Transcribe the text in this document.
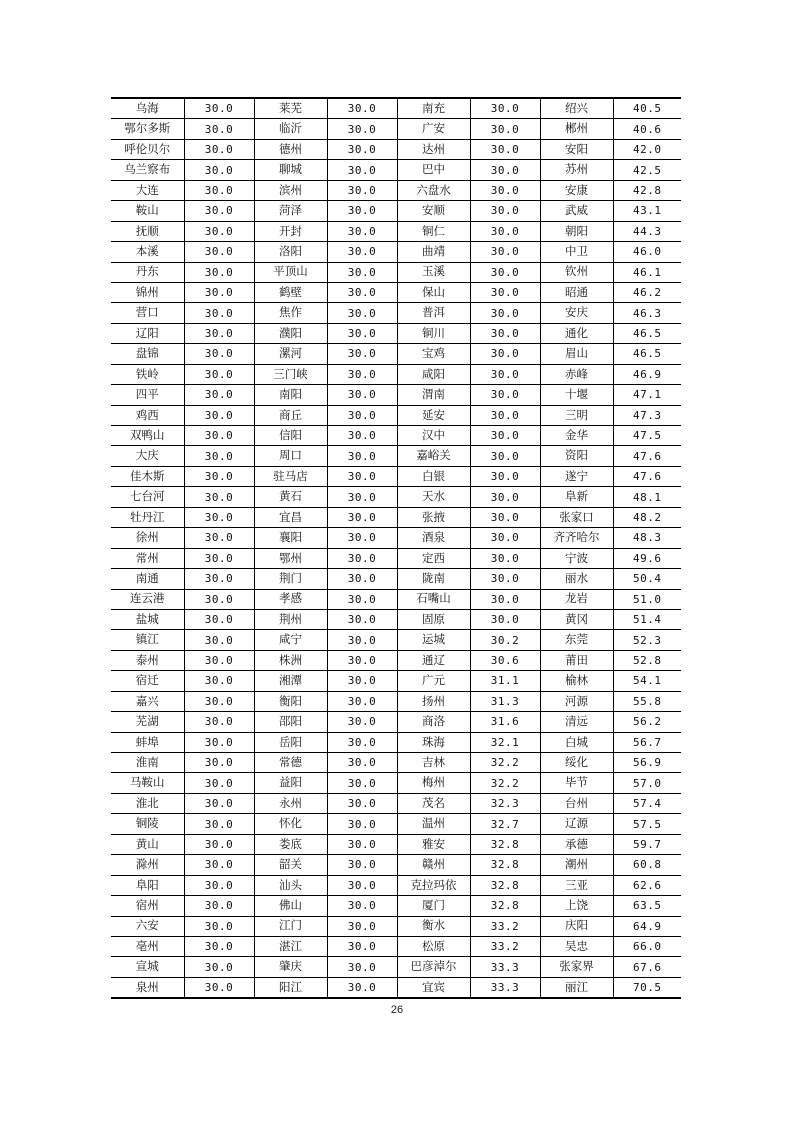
乌海	30.0	莱芜	30.0	南充	30.0	绍兴	40.5
鄂尔多斯	30.0	临沂	30.0	广安	30.0	郴州	40.6
呼伦贝尔	30.0	德州	30.0	达州	30.0	安阳	42.0
乌兰察布	30.0	聊城	30.0	巴中	30.0	苏州	42.5
大连	30.0	滨州	30.0	六盘水	30.0	安康	42.8
鞍山	30.0	菏泽	30.0	安顺	30.0	武威	43.1
抚顺	30.0	开封	30.0	铜仁	30.0	朝阳	44.3
本溪	30.0	洛阳	30.0	曲靖	30.0	中卫	46.0
丹东	30.0	平顶山	30.0	玉溪	30.0	钦州	46.1
锦州	30.0	鹤壁	30.0	保山	30.0	昭通	46.2
营口	30.0	焦作	30.0	普洱	30.0	安庆	46.3
辽阳	30.0	濮阳	30.0	铜川	30.0	通化	46.5
盘锦	30.0	漯河	30.0	宝鸡	30.0	眉山	46.5
铁岭	30.0	三门峡	30.0	咸阳	30.0	赤峰	46.9
四平	30.0	南阳	30.0	渭南	30.0	十堰	47.1
鸡西	30.0	商丘	30.0	延安	30.0	三明	47.3
双鸭山	30.0	信阳	30.0	汉中	30.0	金华	47.5
大庆	30.0	周口	30.0	嘉峪关	30.0	资阳	47.6
佳木斯	30.0	驻马店	30.0	白银	30.0	遂宁	47.6
七台河	30.0	黄石	30.0	天水	30.0	阜新	48.1
牡丹江	30.0	宜昌	30.0	张掖	30.0	张家口	48.2
徐州	30.0	襄阳	30.0	酒泉	30.0	齐齐哈尔	48.3
常州	30.0	鄂州	30.0	定西	30.0	宁波	49.6
南通	30.0	荆门	30.0	陇南	30.0	丽水	50.4
连云港	30.0	孝感	30.0	石嘴山	30.0	龙岩	51.0
盐城	30.0	荆州	30.0	固原	30.0	黄冈	51.4
镇江	30.0	咸宁	30.0	运城	30.2	东莞	52.3
泰州	30.0	株洲	30.0	通辽	30.6	莆田	52.8
宿迁	30.0	湘潭	30.0	广元	31.1	榆林	54.1
嘉兴	30.0	衡阳	30.0	扬州	31.3	河源	55.8
芜湖	30.0	邵阳	30.0	商洛	31.6	清远	56.2
蚌埠	30.0	岳阳	30.0	珠海	32.1	白城	56.7
淮南	30.0	常德	30.0	吉林	32.2	绥化	56.9
马鞍山	30.0	益阳	30.0	梅州	32.2	毕节	57.0
淮北	30.0	永州	30.0	茂名	32.3	台州	57.4
铜陵	30.0	怀化	30.0	温州	32.7	辽源	57.5
黄山	30.0	娄底	30.0	雅安	32.8	承德	59.7
滁州	30.0	韶关	30.0	赣州	32.8	潮州	60.8
阜阳	30.0	汕头	30.0	克拉玛依	32.8	三亚	62.6
宿州	30.0	佛山	30.0	厦门	32.8	上饶	63.5
六安	30.0	江门	30.0	衡水	33.2	庆阳	64.9
亳州	30.0	湛江	30.0	松原	33.2	吴忠	66.0
宣城	30.0	肇庆	30.0	巴彦淖尔	33.3	张家界	67.6
泉州	30.0	阳江	30.0	宜宾	33.3	丽江	70.5
26
